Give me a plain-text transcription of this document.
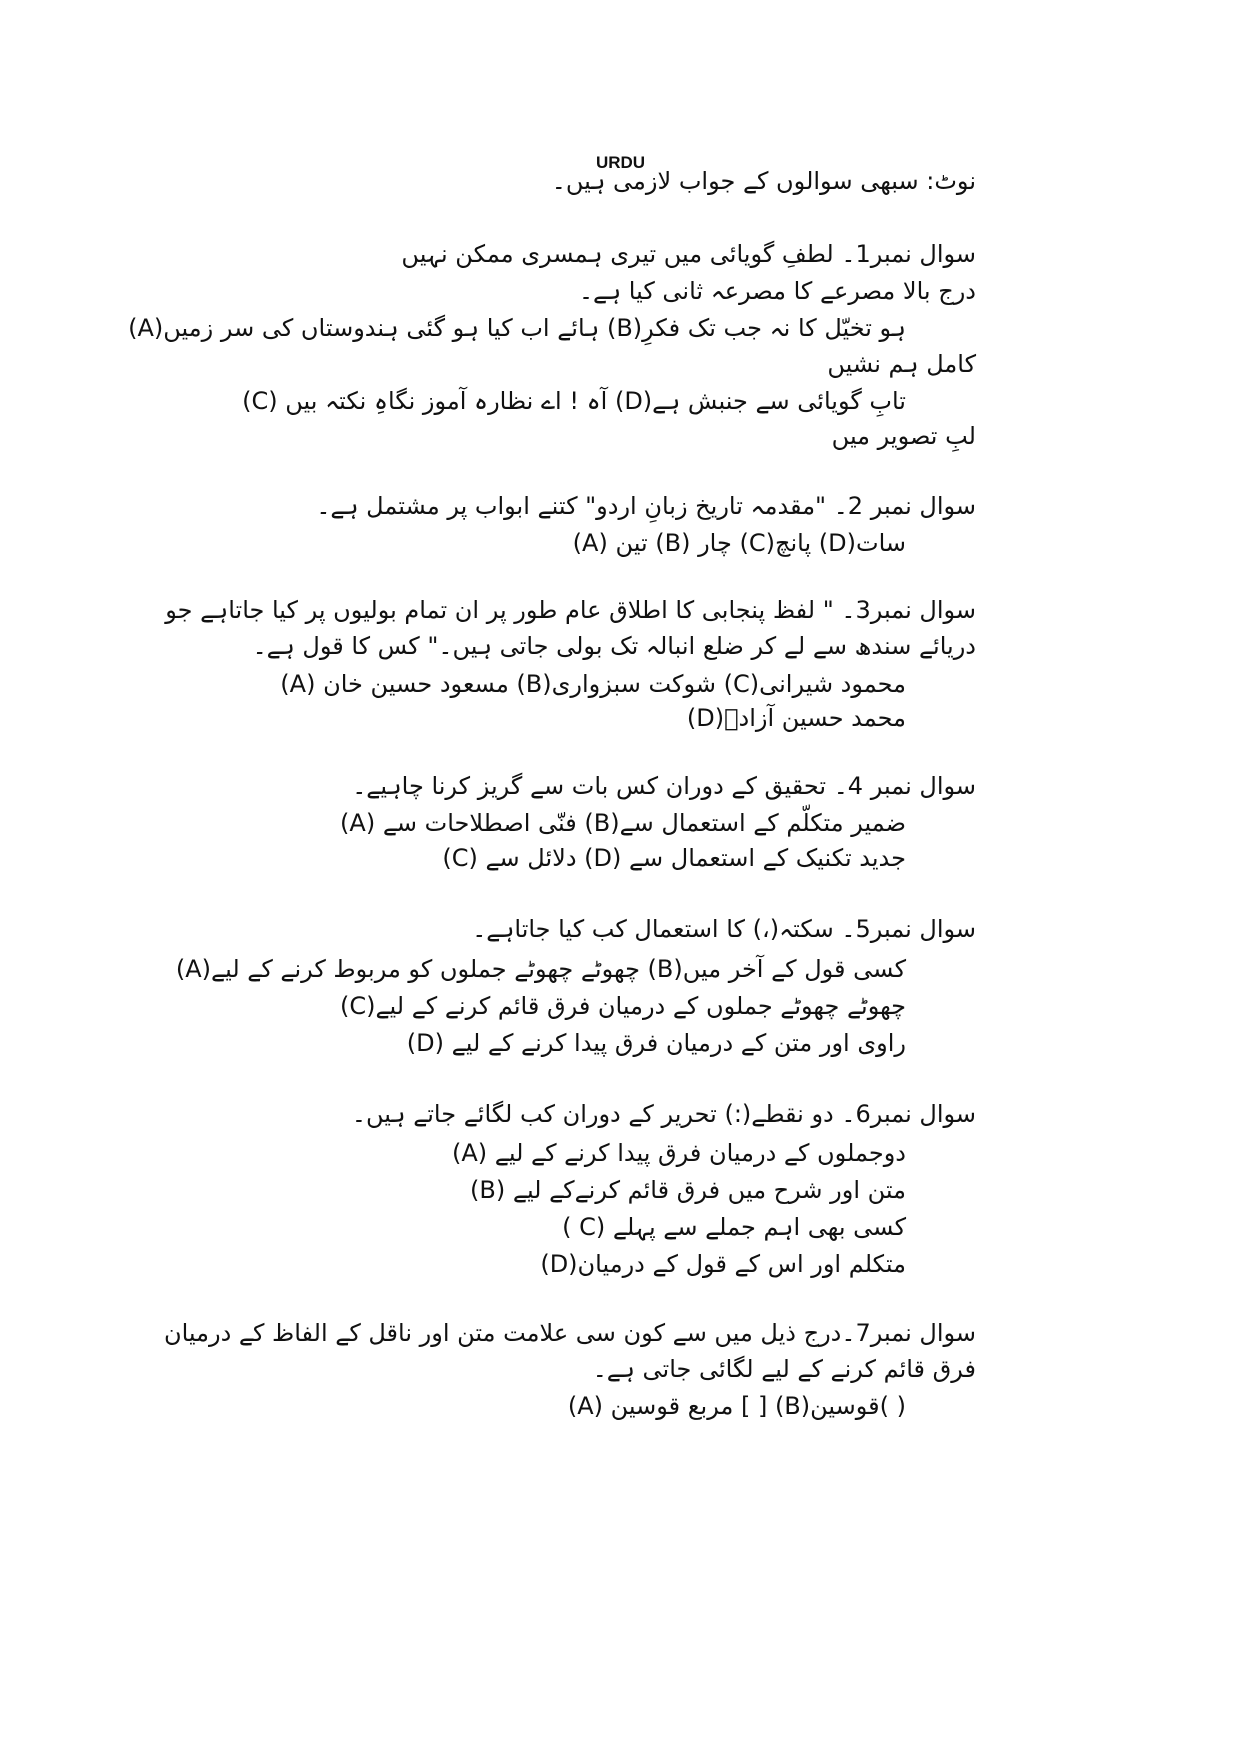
URDU
نوٹ: سبھی سوالوں کے جواب لازمی ہیں۔
سوال نمبر1۔ لطفِ گویائی میں تیری ہمسری ممکن نہیں
درج بالا مصرعے کا مصرعہ ثانی کیا ہے۔
(A)ہائے اب کیا ہو گئی ہندوستاں کی سر زمیں (B)ہو تخیّل کا نہ جب تک فکرِ
کامل ہم نشیں
(C) آہ ! اے نظارہ آموز نگاہِ نکتہ بیں (D)تابِ گویائی سے جنبش ہے
لبِ تصویر میں
سوال نمبر 2۔ "مقدمہ تاریخ زبانِ اردو" کتنے ابواب پر مشتمل ہے۔
(A) تین (B) چار (C)پانچ (D)سات
سوال نمبر3۔ " لفظ پنجابی کا اطلاق عام طور پر ان تمام بولیوں پر کیا جاتاہے جو
دریائے سندھ سے لے کر ضلع انبالہ تک بولی جاتی ہیں۔" کس کا قول ہے۔
(A) مسعود حسین خان (B)شوکت سبزواری (C)محمود شیرانی
(D)محمد حسین آزادؔ
سوال نمبر 4۔ تحقیق کے دوران کس بات سے گریز کرنا چاہیے۔
(A) فنّی اصطلاحات سے (B)ضمیر متکلّم کے استعمال سے
(C) دلائل سے (D) جدید تکنیک کے استعمال سے
سوال نمبر5۔ سکتہ(،) کا استعمال کب کیا جاتاہے۔
(A)چھوٹے چھوٹے جملوں کو مربوط کرنے کے لیے (B)کسی قول کے آخر میں
(C)چھوٹے چھوٹے جملوں کے درمیان فرق قائم کرنے کے لیے
(D) راوی اور متن کے درمیان فرق پیدا کرنے کے لیے
سوال نمبر6۔ دو نقطے(:) تحریر کے دوران کب لگائے جاتے ہیں۔
(A) دوجملوں کے درمیان فرق پیدا کرنے کے لیے
(B) متن اور شرح میں فرق قائم کرنےکے لیے
( C) کسی بھی اہم جملے سے پہلے
(D)متکلم اور اس کے قول کے درمیان
سوال نمبر7۔درج ذیل میں سے کون سی علامت متن اور ناقل کے الفاظ کے درمیان
فرق قائم کرنے کے لیے لگائی جاتی ہے۔
(A) مربع قوسین [ ] (B)قوسین( )
